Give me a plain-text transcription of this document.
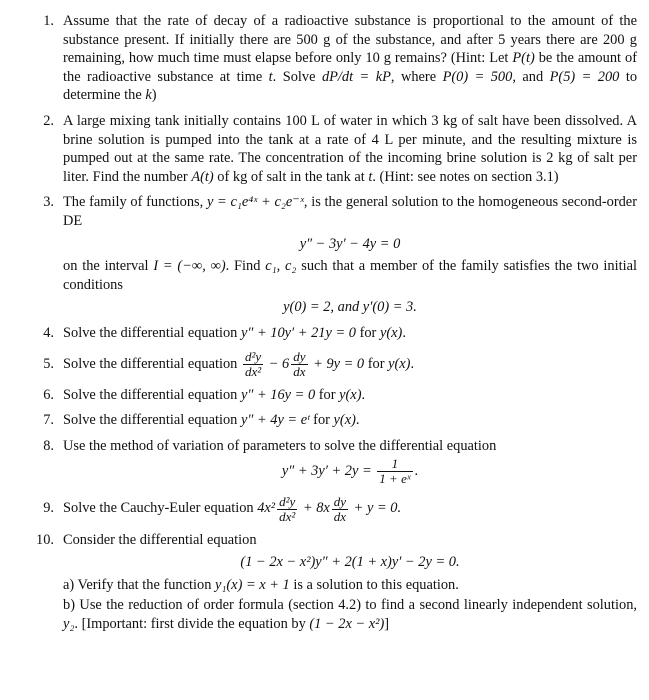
1. Assume that the rate of decay of a radioactive substance is proportional to the amount of the substance present. If initially there are 500 g of the substance, and after 5 years there are 200 g remaining, how much time must elapse before only 10 g remains? (Hint: Let P(t) be the amount of the radioactive substance at time t. Solve dP/dt = kP, where P(0) = 500, and P(5) = 200 to determine the k)
2. A large mixing tank initially contains 100 L of water in which 3 kg of salt have been dissolved. A brine solution is pumped into the tank at a rate of 4 L per minute, and the resulting mixture is pumped out at the same rate. The concentration of the incoming brine solution is 2 kg of salt per liter. Find the number A(t) of kg of salt in the tank at t. (Hint: see notes on section 3.1)
3. The family of functions, y = c₁e⁴ˣ + c₂e⁻ˣ, is the general solution to the homogeneous second-order DE
y″ − 3y′ − 4y = 0
on the interval I = (−∞, ∞). Find c₁, c₂ such that a member of the family satisfies the two initial conditions
y(0) = 2, and y′(0) = 3.
4. Solve the differential equation y″ + 10y′ + 21y = 0 for y(x).
5. Solve the differential equation $\frac{\text{d²y}}{\text{dx²}} - 6 \frac{dy}{dx} + 9y = 0$ for y(x).
6. Solve the differential equation y″ + 16y = 0 for y(x).
7. Solve the differential equation y″ + 4y = eᵗ for y(x).
8. Use the method of variation of parameters to solve the differential equation
$y'' + 3y' + 2y = \frac{1}{\text{1 + eˣ}}$ .
9. Solve the Cauchy-Euler equation $4x^2 \frac{\text{d²y}}{\text{dx²}} + 8x \frac{dy}{dx} + y = 0$.
10. Consider the differential equation
(1 − 2x − x²)y″ + 2(1 + x)y′ − 2y = 0.
a) Verify that the function y₁(x) = x + 1 is a solution to this equation.
b) Use the reduction of order formula (section 4.2) to find a second linearly independent solution, y₂. [Important: first divide the equation by (1 − 2x − x²)]
